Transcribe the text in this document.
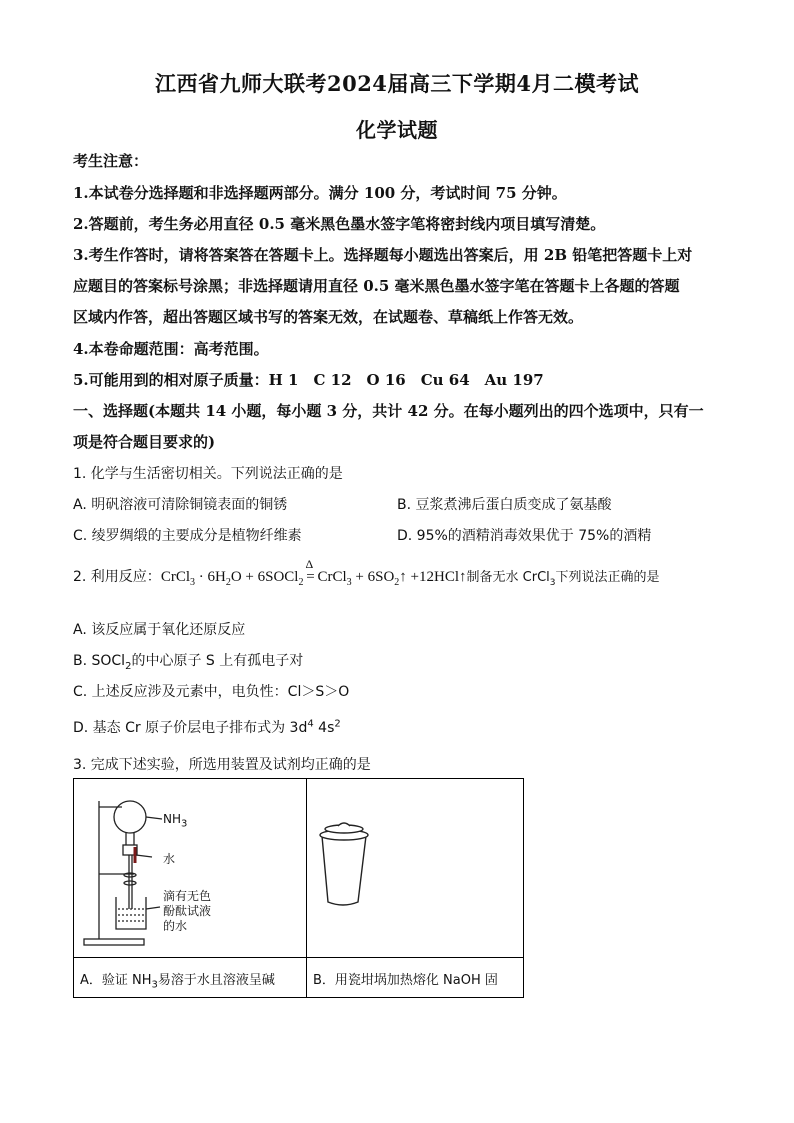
江西省九师大联考2024届高三下学期4月二模考试
化学试题
考生注意：
1.本试卷分选择题和非选择题两部分。满分 100 分，考试时间 75 分钟。
2.答题前，考生务必用直径 0.5 毫米黑色墨水签字笔将密封线内项目填写清楚。
3.考生作答时，请将答案答在答题卡上。选择题每小题选出答案后，用 2B 铅笔把答题卡上对
应题目的答案标号涂黑；非选择题请用直径 0.5 毫米黑色墨水签字笔在答题卡上各题的答题
区域内作答，超出答题区域书写的答案无效，在试题卷、草稿纸上作答无效。
4.本卷命题范围：高考范围。
5.可能用到的相对原子质量：H 1　C 12　O 16　Cu 64　Au 197
一、选择题(本题共 14 小题，每小题 3 分，共计 42 分。在每小题列出的四个选项中，只有一
项是符合题目要求的)
1. 化学与生活密切相关。下列说法正确的是
A. 明矾溶液可清除铜镜表面的铜锈	B. 豆浆煮沸后蛋白质变成了氨基酸
C. 绫罗绸缎的主要成分是植物纤维素	D. 95%的酒精消毒效果优于 75%的酒精
2. 利用反应：CrCl$_3$ · $6H_2O$ + 6SOCl$_2$
Δ
= CrCl$_3$ + $6SO_2↑$ +12HCl↑制备无水 CrCl$_3$下列说法正确的是
A. 该反应属于氧化还原反应
B. SOCl$_2$的中心原子 S 上有孤电子对
C. 上述反应涉及元素中，电负性：Cl＞S＞O
D. 基态 Cr 原子价层电子排布式为 $3d^4$ $4s^2$
3. 完成下述实验，所选用装置及试剂均正确的是
$NH_3$
水
滴有无色
酚酞试液
的水
A．验证 $NH_3$易溶于水且溶液呈碱	B．用瓷坩埚加热熔化 NaOH 固
